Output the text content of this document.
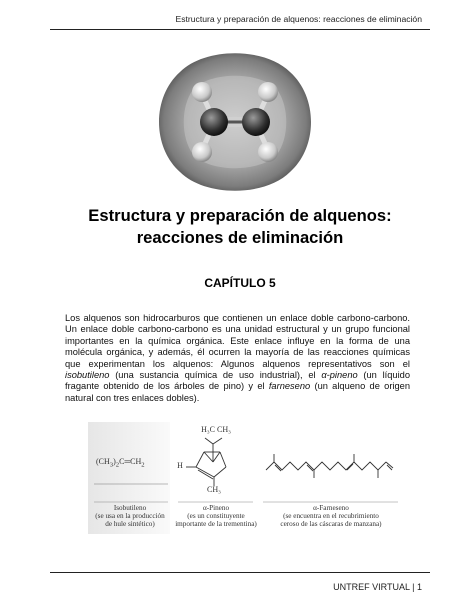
Estructura y preparación de alquenos: reacciones de eliminación
Estructura y preparación de alquenos:
reacciones de eliminación
CAPÍTULO 5
Los alquenos son hidrocarburos que contienen un enlace doble carbono-carbono. Un enlace doble carbono-carbono es una unidad estructural y un grupo funcional importantes en la química orgánica. Este enlace influye en la forma de una molécula orgánica, y además, él ocurren la mayoría de las reacciones químicas que experimentan los alquenos: Algunos alquenos representativos son el isobutileno (una sustancia química de uso industrial), el α-pineno (un líquido fragante obtenido de los árboles de pino) y el farneseno (un alqueno de origen natural con tres enlaces dobles).
$(CH_3)_2C═CH_2$
H₃C CH₃
H
CH₃
Isobutileno
(se usa en la producción
de hule sintético)
α-Pineno
(es un constituyente
importante de la trementina)
α-Farneseno
(se encuentra en el recubrimiento
ceroso de las cáscaras de manzana)
UNTREF VIRTUAL | 1
